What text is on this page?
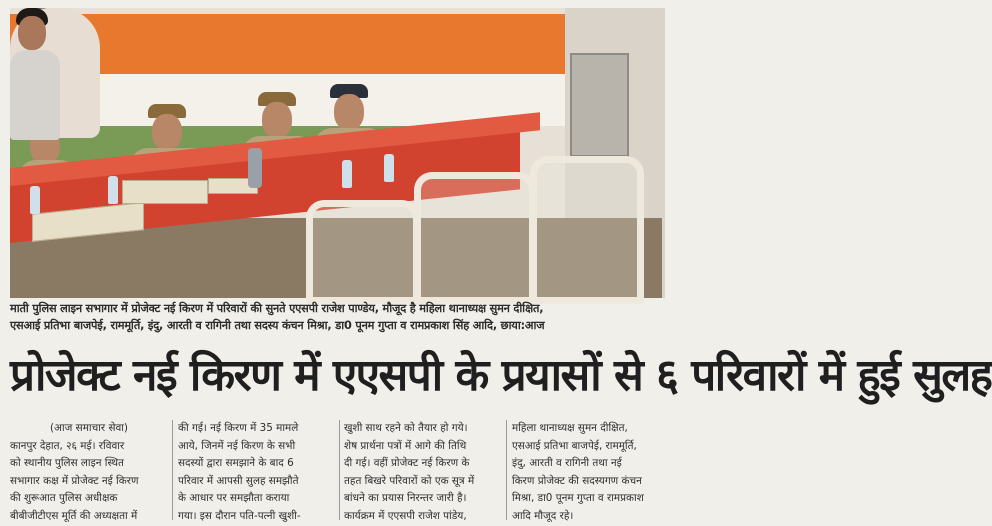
माती पुलिस लाइन सभागार में प्रोजेक्ट नई किरण में परिवारों की सुनते एएसपी राजेश पाण्डेय, मौजूद है महिला थानाध्यक्ष सुमन दीक्षित,
एसआई प्रतिभा बाजपेई, राममूर्ति, इंदु, आरती व रागिनी तथा सदस्य कंचन मिश्रा, डा0 पूनम गुप्ता व रामप्रकाश सिंह आदि, छाया:आज
प्रोजेक्ट नई किरण में एएसपी के प्रयासों से ६ परिवारों में हुई सुलह
(आज समाचार सेवा)
कानपुर देहात, २६ मई। रविवार
को स्थानीय पुलिस लाइन स्थित
सभागार कक्ष में प्रोजेक्ट नई किरण
की शुरूआत पुलिस अधीक्षक
बीबीजीटीएस मूर्ति की अध्यक्षता में
की गई। नई किरण में 35 मामले
आये, जिनमें नई किरण के सभी
सदस्यों द्वारा समझाने के बाद 6
परिवार में आपसी सुलह समझौते
के आधार पर समझौता कराया
गया। इस दौरान पति-पत्नी खुशी-
खुशी साथ रहने को तैयार हो गये।
शेष प्रार्थना पत्रों में आगे की तिथि
दी गई। वहीं प्रोजेक्ट नई किरण के
तहत बिखरे परिवारों को एक सूत्र में
बांधने का प्रयास निरन्तर जारी है।
कार्यक्रम में एएसपी राजेश पांडेय,
महिला थानाध्यक्ष सुमन दीक्षित,
एसआई प्रतिभा बाजपेई, राममूर्ति,
इंदु, आरती व रागिनी तथा नई
किरण प्रोजेक्ट की सदस्यगण कंचन
मिश्रा, डा0 पूनम गुप्ता व रामप्रकाश
आदि मौजूद रहे।
